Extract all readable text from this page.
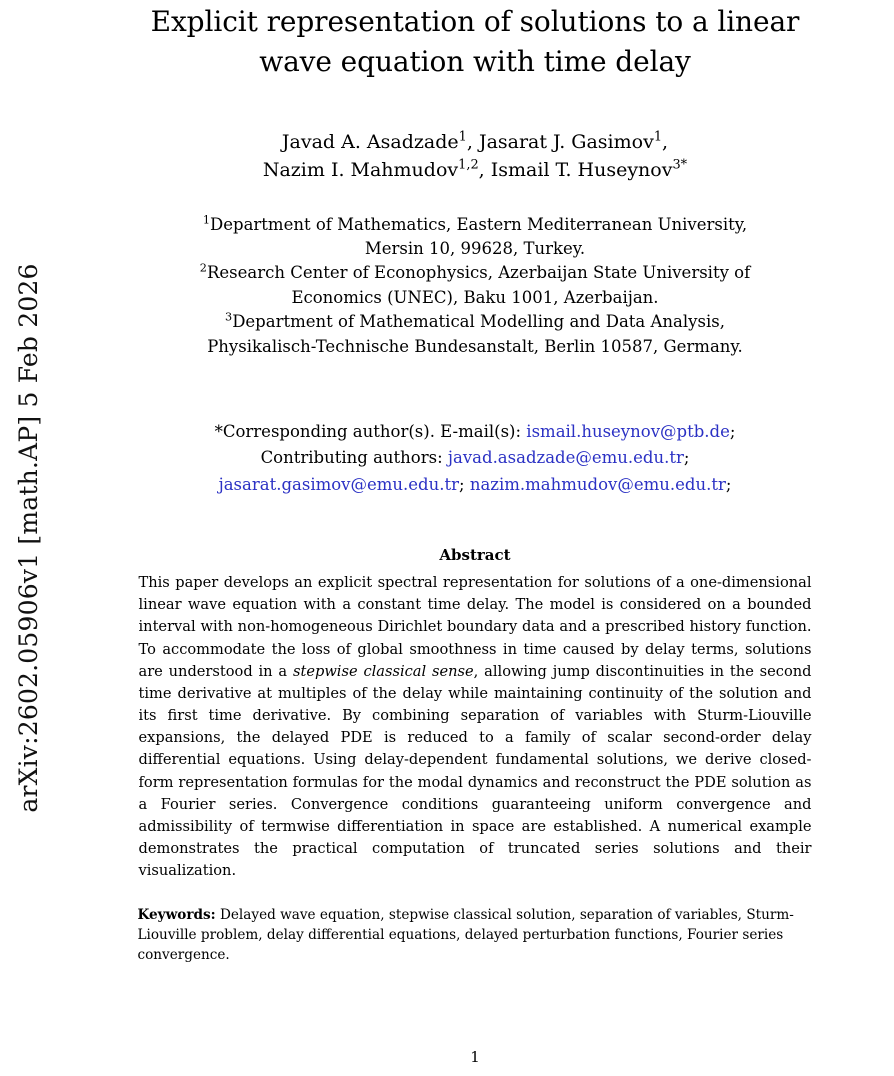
arXiv:2602.05906v1 [math.AP] 5 Feb 2026
Explicit representation of solutions to a linear
wave equation with time delay
Javad A. Asadzade$^1$, Jasarat J. Gasimov$^1$,
Nazim I. Mahmudov$^{1,2}$, Ismail T. Huseynov$^{3*}$
$^1$Department of Mathematics, Eastern Mediterranean University,
Mersin 10, 99628, Turkey.
$^2$Research Center of Econophysics, Azerbaijan State University of
Economics (UNEC), Baku 1001, Azerbaijan.
$^3$Department of Mathematical Modelling and Data Analysis,
Physikalisch-Technische Bundesanstalt, Berlin 10587, Germany.
*Corresponding author(s). E-mail(s): ismail.huseynov@ptb.de;
Contributing authors: javad.asadzade@emu.edu.tr;
jasarat.gasimov@emu.edu.tr; nazim.mahmudov@emu.edu.tr;
Abstract
This paper develops an explicit spectral representation for solutions of a one-dimensional linear wave equation with a constant time delay. The model is considered on a bounded interval with non-homogeneous Dirichlet boundary data and a prescribed history function. To accommodate the loss of global smoothness in time caused by delay terms, solutions are understood in a stepwise classical sense, allowing jump discontinuities in the second time derivative at multiples of the delay while maintaining continuity of the solution and its first time derivative. By combining separation of variables with Sturm-Liouville expansions, the delayed PDE is reduced to a family of scalar second-order delay differential equations. Using delay-dependent fundamental solutions, we derive closed-form representation formulas for the modal dynamics and reconstruct the PDE solution as a Fourier series. Convergence conditions guaranteeing uniform convergence and admissibility of termwise differentiation in space are established. A numerical example demonstrates the practical computation of truncated series solutions and their visualization.
Keywords: Delayed wave equation, stepwise classical solution, separation of variables, Sturm-Liouville problem, delay differential equations, delayed perturbation functions, Fourier series convergence.
1
